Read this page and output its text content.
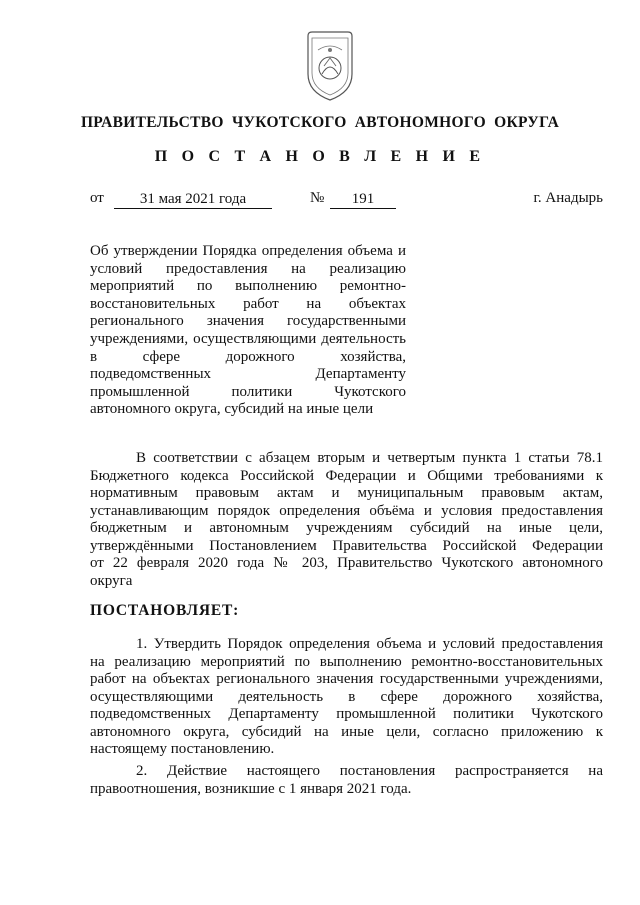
ПРАВИТЕЛЬСТВО ЧУКОТСКОГО АВТОНОМНОГО ОКРУГА
П О С Т А Н О В Л Е Н И Е
от	31 мая 2021 года	№	191	г. Анадырь
Об утверждении Порядка определения объема и
условий предоставления на реализацию
мероприятий по выполнению ремонтно-
восстановительных работ на объектах
регионального значения государственными
учреждениями, осуществляющими деятельность
в сфере дорожного хозяйства,
подведомственных Департаменту
промышленной политики Чукотского
автономного округа, субсидий на иные цели
В соответствии с абзацем вторым и четвертым пункта 1 статьи 78.1
Бюджетного кодекса Российской Федерации и Общими требованиями к
нормативным правовым актам и муниципальным правовым актам,
устанавливающим порядок определения объёма и условия предоставления
бюджетным и автономным учреждениям субсидий на иные цели,
утверждёнными Постановлением Правительства Российской Федерации
от 22 февраля 2020 года № 203, Правительство Чукотского автономного
округа
ПОСТАНОВЛЯЕТ:
1. Утвердить Порядок определения объема и условий предоставления
на реализацию мероприятий по выполнению ремонтно-восстановительных
работ на объектах регионального значения государственными учреждениями,
осуществляющими деятельность в сфере дорожного хозяйства,
подведомственных Департаменту промышленной политики Чукотского
автономного округа, субсидий на иные цели, согласно приложению к
настоящему постановлению.
2. Действие настоящего постановления распространяется на
правоотношения, возникшие с 1 января 2021 года.
